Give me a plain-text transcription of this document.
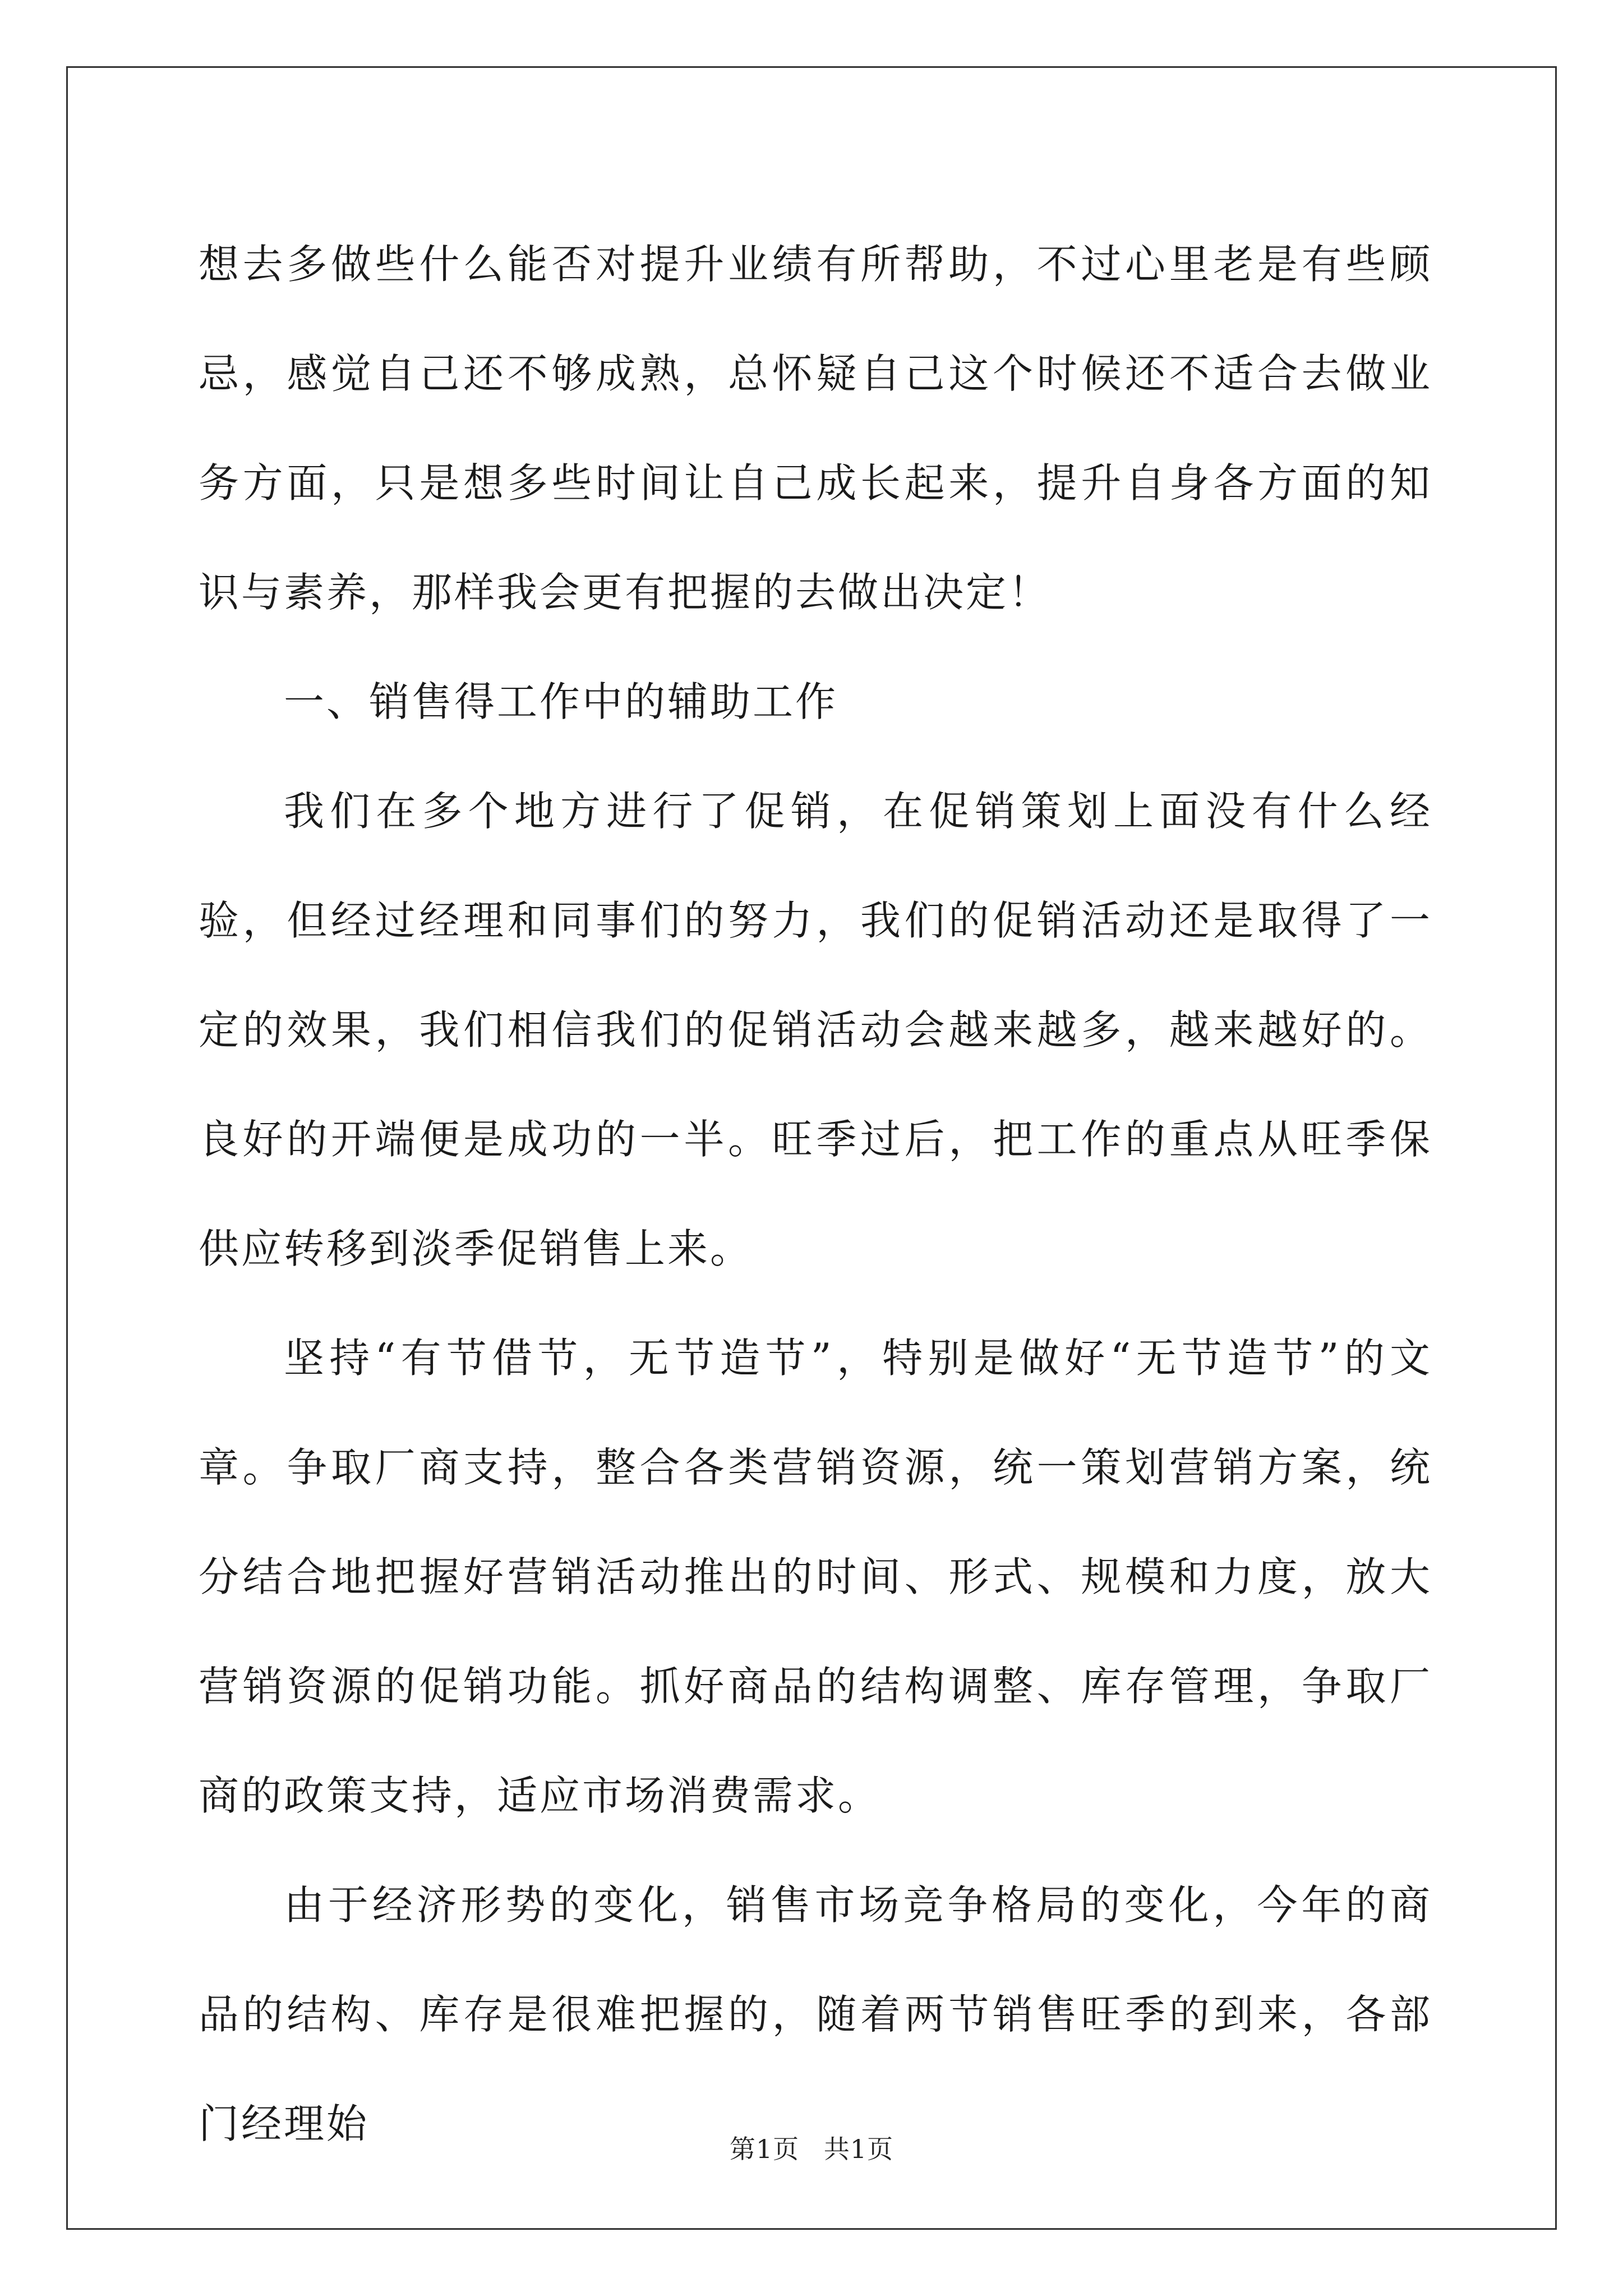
想去多做些什么能否对提升业绩有所帮助，不过心里老是有些顾忌，感觉自己还不够成熟，总怀疑自己这个时候还不适合去做业务方面，只是想多些时间让自己成长起来，提升自身各方面的知识与素养，那样我会更有把握的去做出决定！

一、销售得工作中的辅助工作

我们在多个地方进行了促销，在促销策划上面没有什么经验，但经过经理和同事们的努力，我们的促销活动还是取得了一定的效果，我们相信我们的促销活动会越来越多，越来越好的。良好的开端便是成功的一半。旺季过后，把工作的重点从旺季保供应转移到淡季促销售上来。

坚持“有节借节，无节造节”，特别是做好“无节造节”的文章。争取厂商支持，整合各类营销资源，统一策划营销方案，统分结合地把握好营销活动推出的时间、形式、规模和力度，放大营销资源的促销功能。抓好商品的结构调整、库存管理，争取厂商的政策支持，适应市场消费需求。

由于经济形势的变化，销售市场竞争格局的变化，今年的商品的结构、库存是很难把握的，随着两节销售旺季的到来，各部门经理始

第1页 共1页
